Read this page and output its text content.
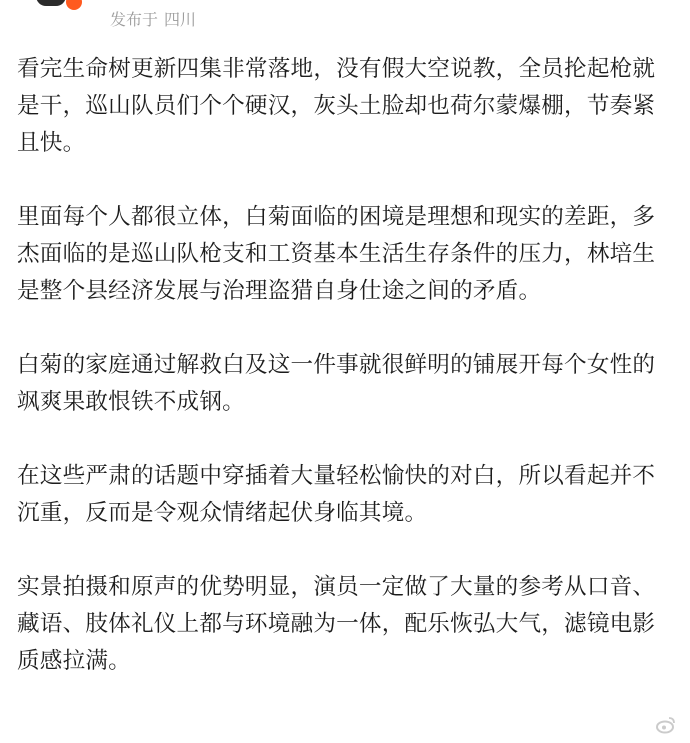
发布于 四川

看完生命树更新四集非常落地，没有假大空说教，全员抡起枪就是干，巡山队员们个个硬汉，灰头土脸却也荷尔蒙爆棚，节奏紧且快。

里面每个人都很立体，白菊面临的困境是理想和现实的差距，多杰面临的是巡山队枪支和工资基本生活生存条件的压力，林培生是整个县经济发展与治理盗猎自身仕途之间的矛盾。

白菊的家庭通过解救白及这一件事就很鲜明的铺展开每个女性的飒爽果敢恨铁不成钢。

在这些严肃的话题中穿插着大量轻松愉快的对白，所以看起并不沉重，反而是令观众情绪起伏身临其境。

实景拍摄和原声的优势明显，演员一定做了大量的参考从口音、藏语、肢体礼仪上都与环境融为一体，配乐恢弘大气，滤镜电影质感拉满。
